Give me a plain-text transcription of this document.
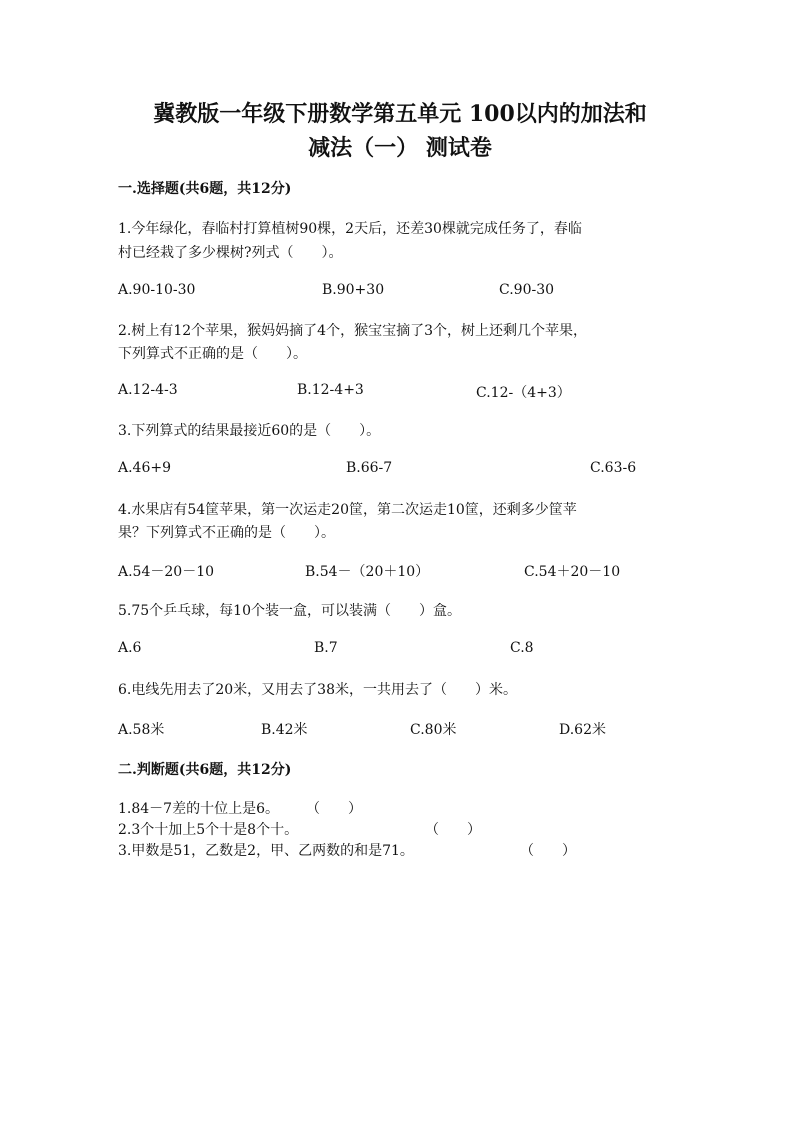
冀教版一年级下册数学第五单元 100以内的加法和
减法（一） 测试卷
一.选择题(共6题，共12分)
1.今年绿化，春临村打算植树90棵，2天后，还差30棵就完成任务了，春临
村已经栽了多少棵树?列式（　　）。
A.90-10-30	B.90+30	C.90-30
2.树上有12个苹果，猴妈妈摘了4个，猴宝宝摘了3个，树上还剩几个苹果，
下列算式不正确的是（　　）。
A.12-4-3	B.12-4+3	C.12-（4+3）
3.下列算式的结果最接近60的是（　　）。
A.46+9	B.66-7	C.63-6
4.水果店有54筐苹果，第一次运走20筐，第二次运走10筐，还剩多少筐苹
果？下列算式不正确的是（　　）。
A.54－20－10	B.54－（20＋10）	C.54＋20－10
5.75个乒乓球，每10个装一盒，可以装满（　　）盒。
A.6	B.7	C.8
6.电线先用去了20米，又用去了38米，一共用去了（　　）米。
A.58米	B.42米	C.80米	D.62米
二.判断题(共6题，共12分)
1.84－7差的十位上是6。 （　　）
2.3个十加上5个十是8个十。	（　　）
3.甲数是51，乙数是2，甲、乙两数的和是71。	（　　）
